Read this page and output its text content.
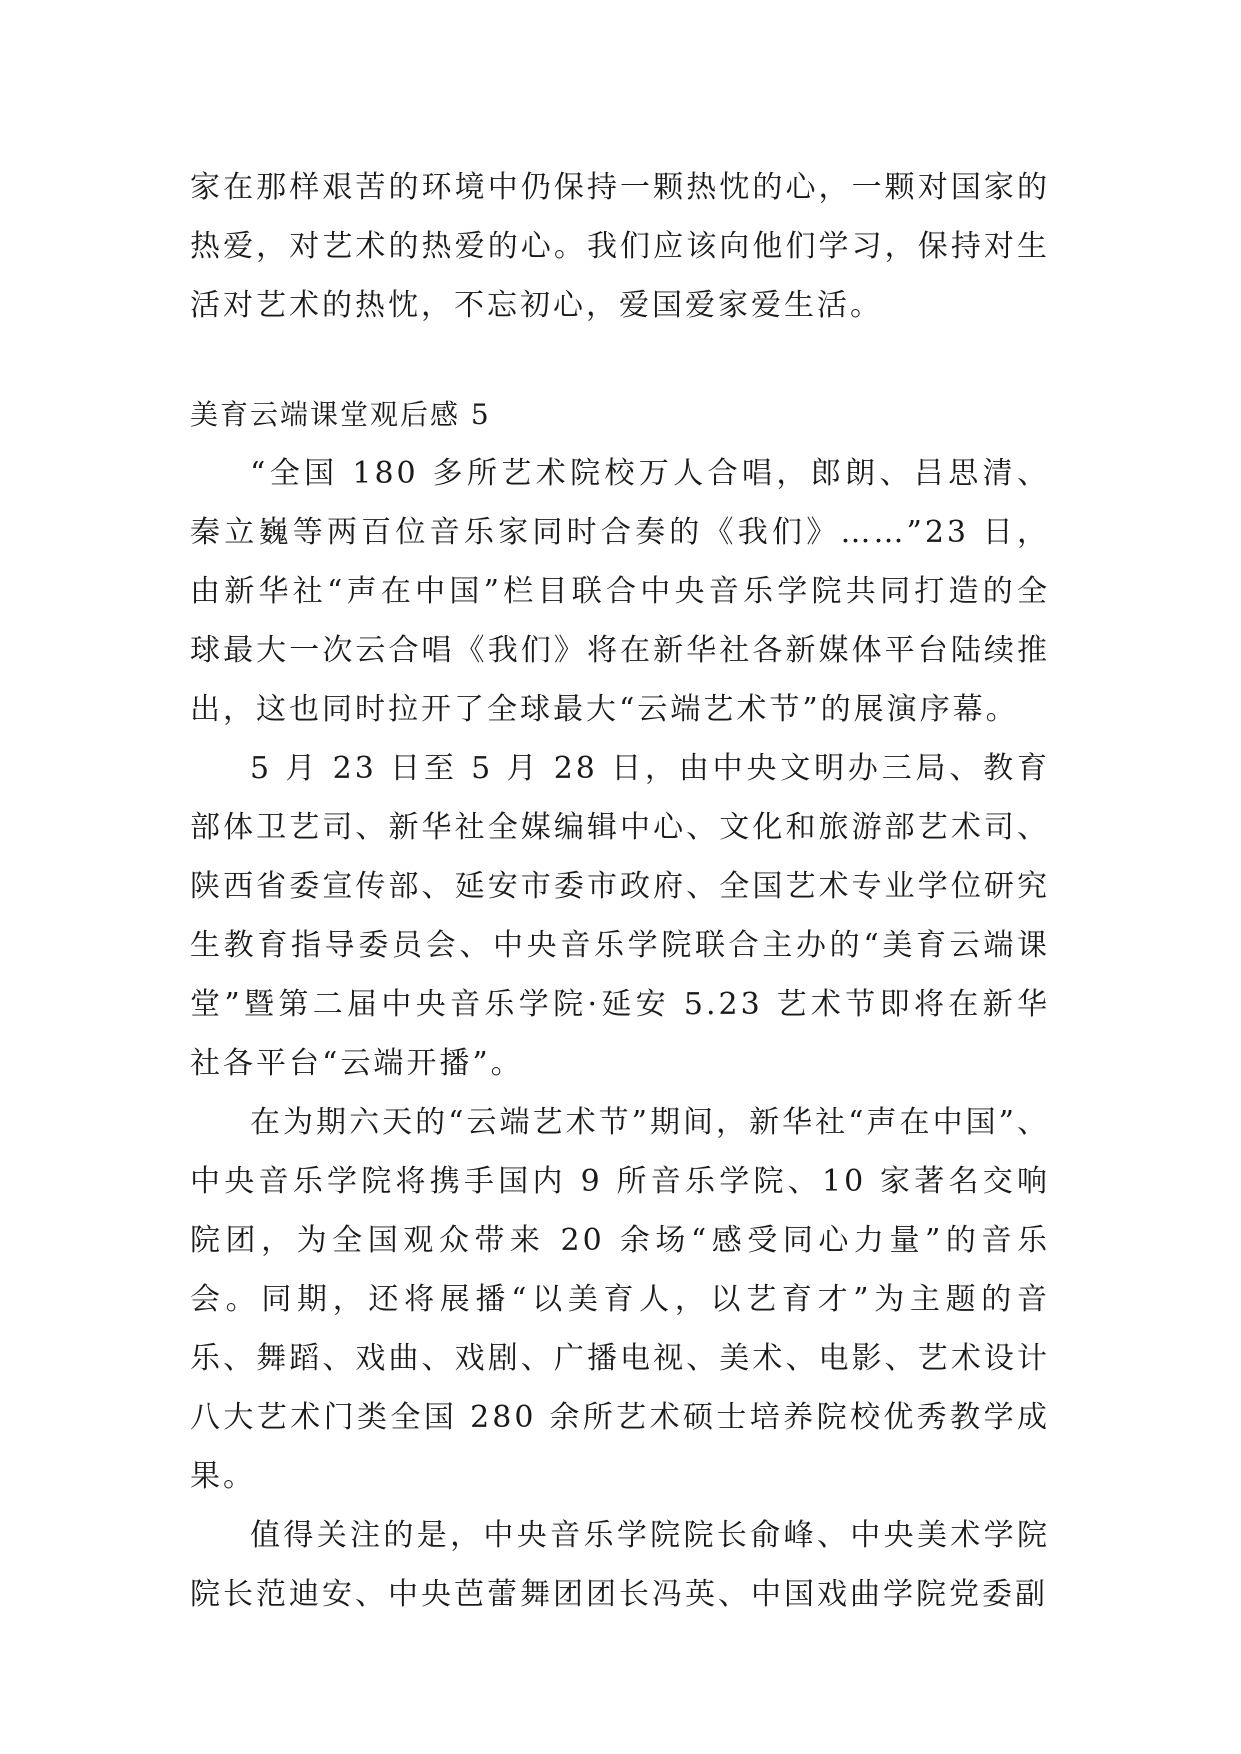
家在那样艰苦的环境中仍保持一颗热忱的心，一颗对国家的热爱，对艺术的热爱的心。我们应该向他们学习，保持对生活对艺术的热忱，不忘初心，爱国爱家爱生活。

美育云端课堂观后感 5

“全国 180 多所艺术院校万人合唱，郎朗、吕思清、秦立巍等两百位音乐家同时合奏的《我们》……”23 日，由新华社“声在中国”栏目联合中央音乐学院共同打造的全球最大一次云合唱《我们》将在新华社各新媒体平台陆续推出，这也同时拉开了全球最大“云端艺术节”的展演序幕。

5 月 23 日至 5 月 28 日，由中央文明办三局、教育部体卫艺司、新华社全媒编辑中心、文化和旅游部艺术司、陕西省委宣传部、延安市委市政府、全国艺术专业学位研究生教育指导委员会、中央音乐学院联合主办的“美育云端课堂”暨第二届中央音乐学院·延安 5.23 艺术节即将在新华社各平台“云端开播”。

在为期六天的“云端艺术节”期间，新华社“声在中国”、中央音乐学院将携手国内 9 所音乐学院、10 家著名交响院团，为全国观众带来 20 余场“感受同心力量”的音乐会。同期，还将展播“以美育人，以艺育才”为主题的音乐、舞蹈、戏曲、戏剧、广播电视、美术、电影、艺术设计八大艺术门类全国 280 余所艺术硕士培养院校优秀教学成果。

值得关注的是，中央音乐学院院长俞峰、中央美术学院院长范迪安、中央芭蕾舞团团长冯英、中国戏曲学院党委副
